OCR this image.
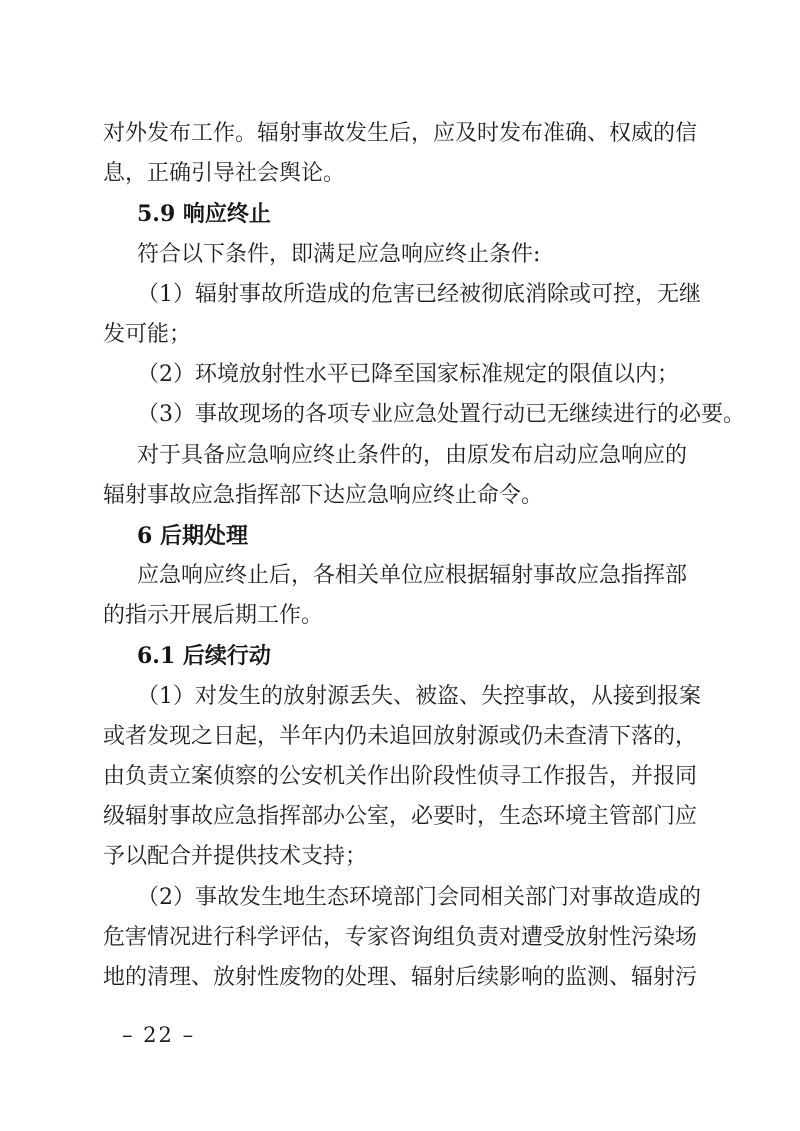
对外发布工作。辐射事故发生后，应及时发布准确、权威的信
息，正确引导社会舆论。
5.9 响应终止
符合以下条件，即满足应急响应终止条件:
（1）辐射事故所造成的危害已经被彻底消除或可控，无继
发可能；
（2）环境放射性水平已降至国家标准规定的限值以内；
（3）事故现场的各项专业应急处置行动已无继续进行的必要。
对于具备应急响应终止条件的，由原发布启动应急响应的
辐射事故应急指挥部下达应急响应终止命令。
6 后期处理
应急响应终止后，各相关单位应根据辐射事故应急指挥部
的指示开展后期工作。
6.1 后续行动
（1）对发生的放射源丢失、被盗、失控事故，从接到报案
或者发现之日起，半年内仍未追回放射源或仍未查清下落的，
由负责立案侦察的公安机关作出阶段性侦寻工作报告，并报同
级辐射事故应急指挥部办公室，必要时，生态环境主管部门应
予以配合并提供技术支持；
（2）事故发生地生态环境部门会同相关部门对事故造成的
危害情况进行科学评估，专家咨询组负责对遭受放射性污染场
地的清理、放射性废物的处理、辐射后续影响的监测、辐射污
– 22 –
